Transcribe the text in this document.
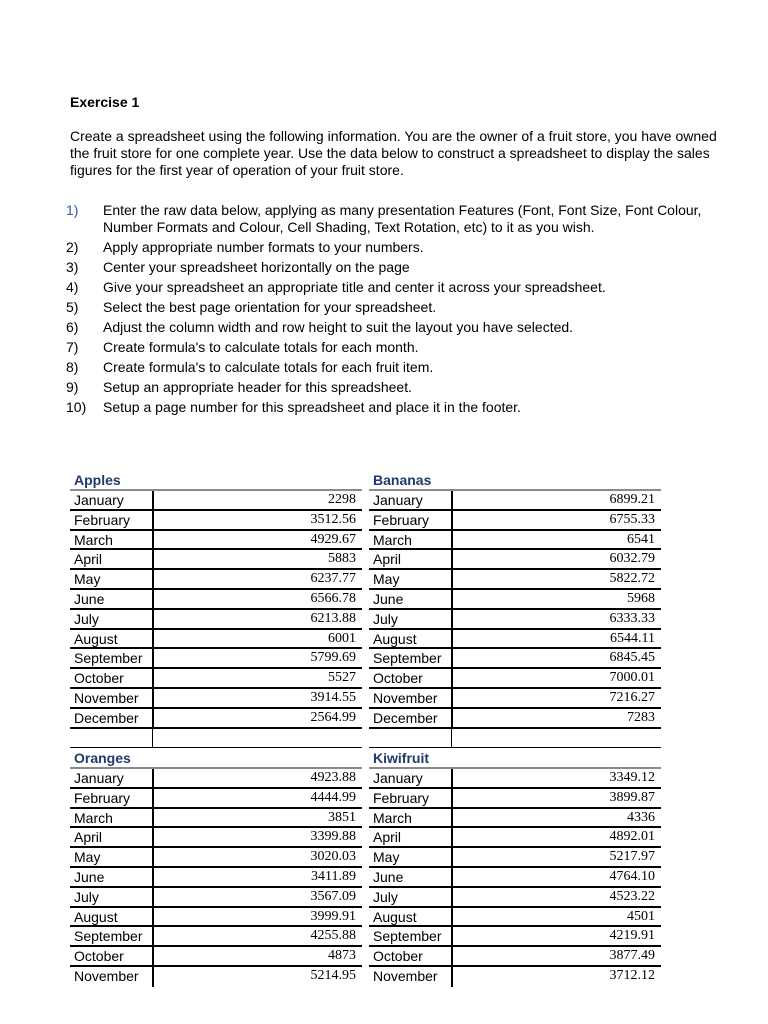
Exercise 1

Create a spreadsheet using the following information. You are the owner of a fruit store, you have owned the fruit store for one complete year. Use the data below to construct a spreadsheet to display the sales figures for the first year of operation of your fruit store.

1)	Enter the raw data below, applying as many presentation Features (Font, Font Size, Font Colour, Number Formats and Colour, Cell Shading, Text Rotation, etc) to it as you wish.
2)	Apply appropriate number formats to your numbers.
3)	Center your spreadsheet horizontally on the page
4)	Give your spreadsheet an appropriate title and center it across your spreadsheet.
5)	Select the best page orientation for your spreadsheet.
6)	Adjust the column width and row height to suit the layout you have selected.
7)	Create formula's to calculate totals for each month.
8)	Create formula's to calculate totals for each fruit item.
9)	Setup an appropriate header for this spreadsheet.
10)	Setup a page number for this spreadsheet and place it in the footer.
Apples
January	2298
February	3512.56
March	4929.67
April	5883
May	6237.77
June	6566.78
July	6213.88
August	6001
September	5799.69
October	5527
November	3914.55
December	2564.99
Bananas
January	6899.21
February	6755.33
March	6541
April	6032.79
May	5822.72
June	5968
July	6333.33
August	6544.11
September	6845.45
October	7000.01
November	7216.27
December	7283
Oranges
January	4923.88
February	4444.99
March	3851
April	3399.88
May	3020.03
June	3411.89
July	3567.09
August	3999.91
September	4255.88
October	4873
November	5214.95
Kiwifruit
January	3349.12
February	3899.87
March	4336
April	4892.01
May	5217.97
June	4764.10
July	4523.22
August	4501
September	4219.91
October	3877.49
November	3712.12
